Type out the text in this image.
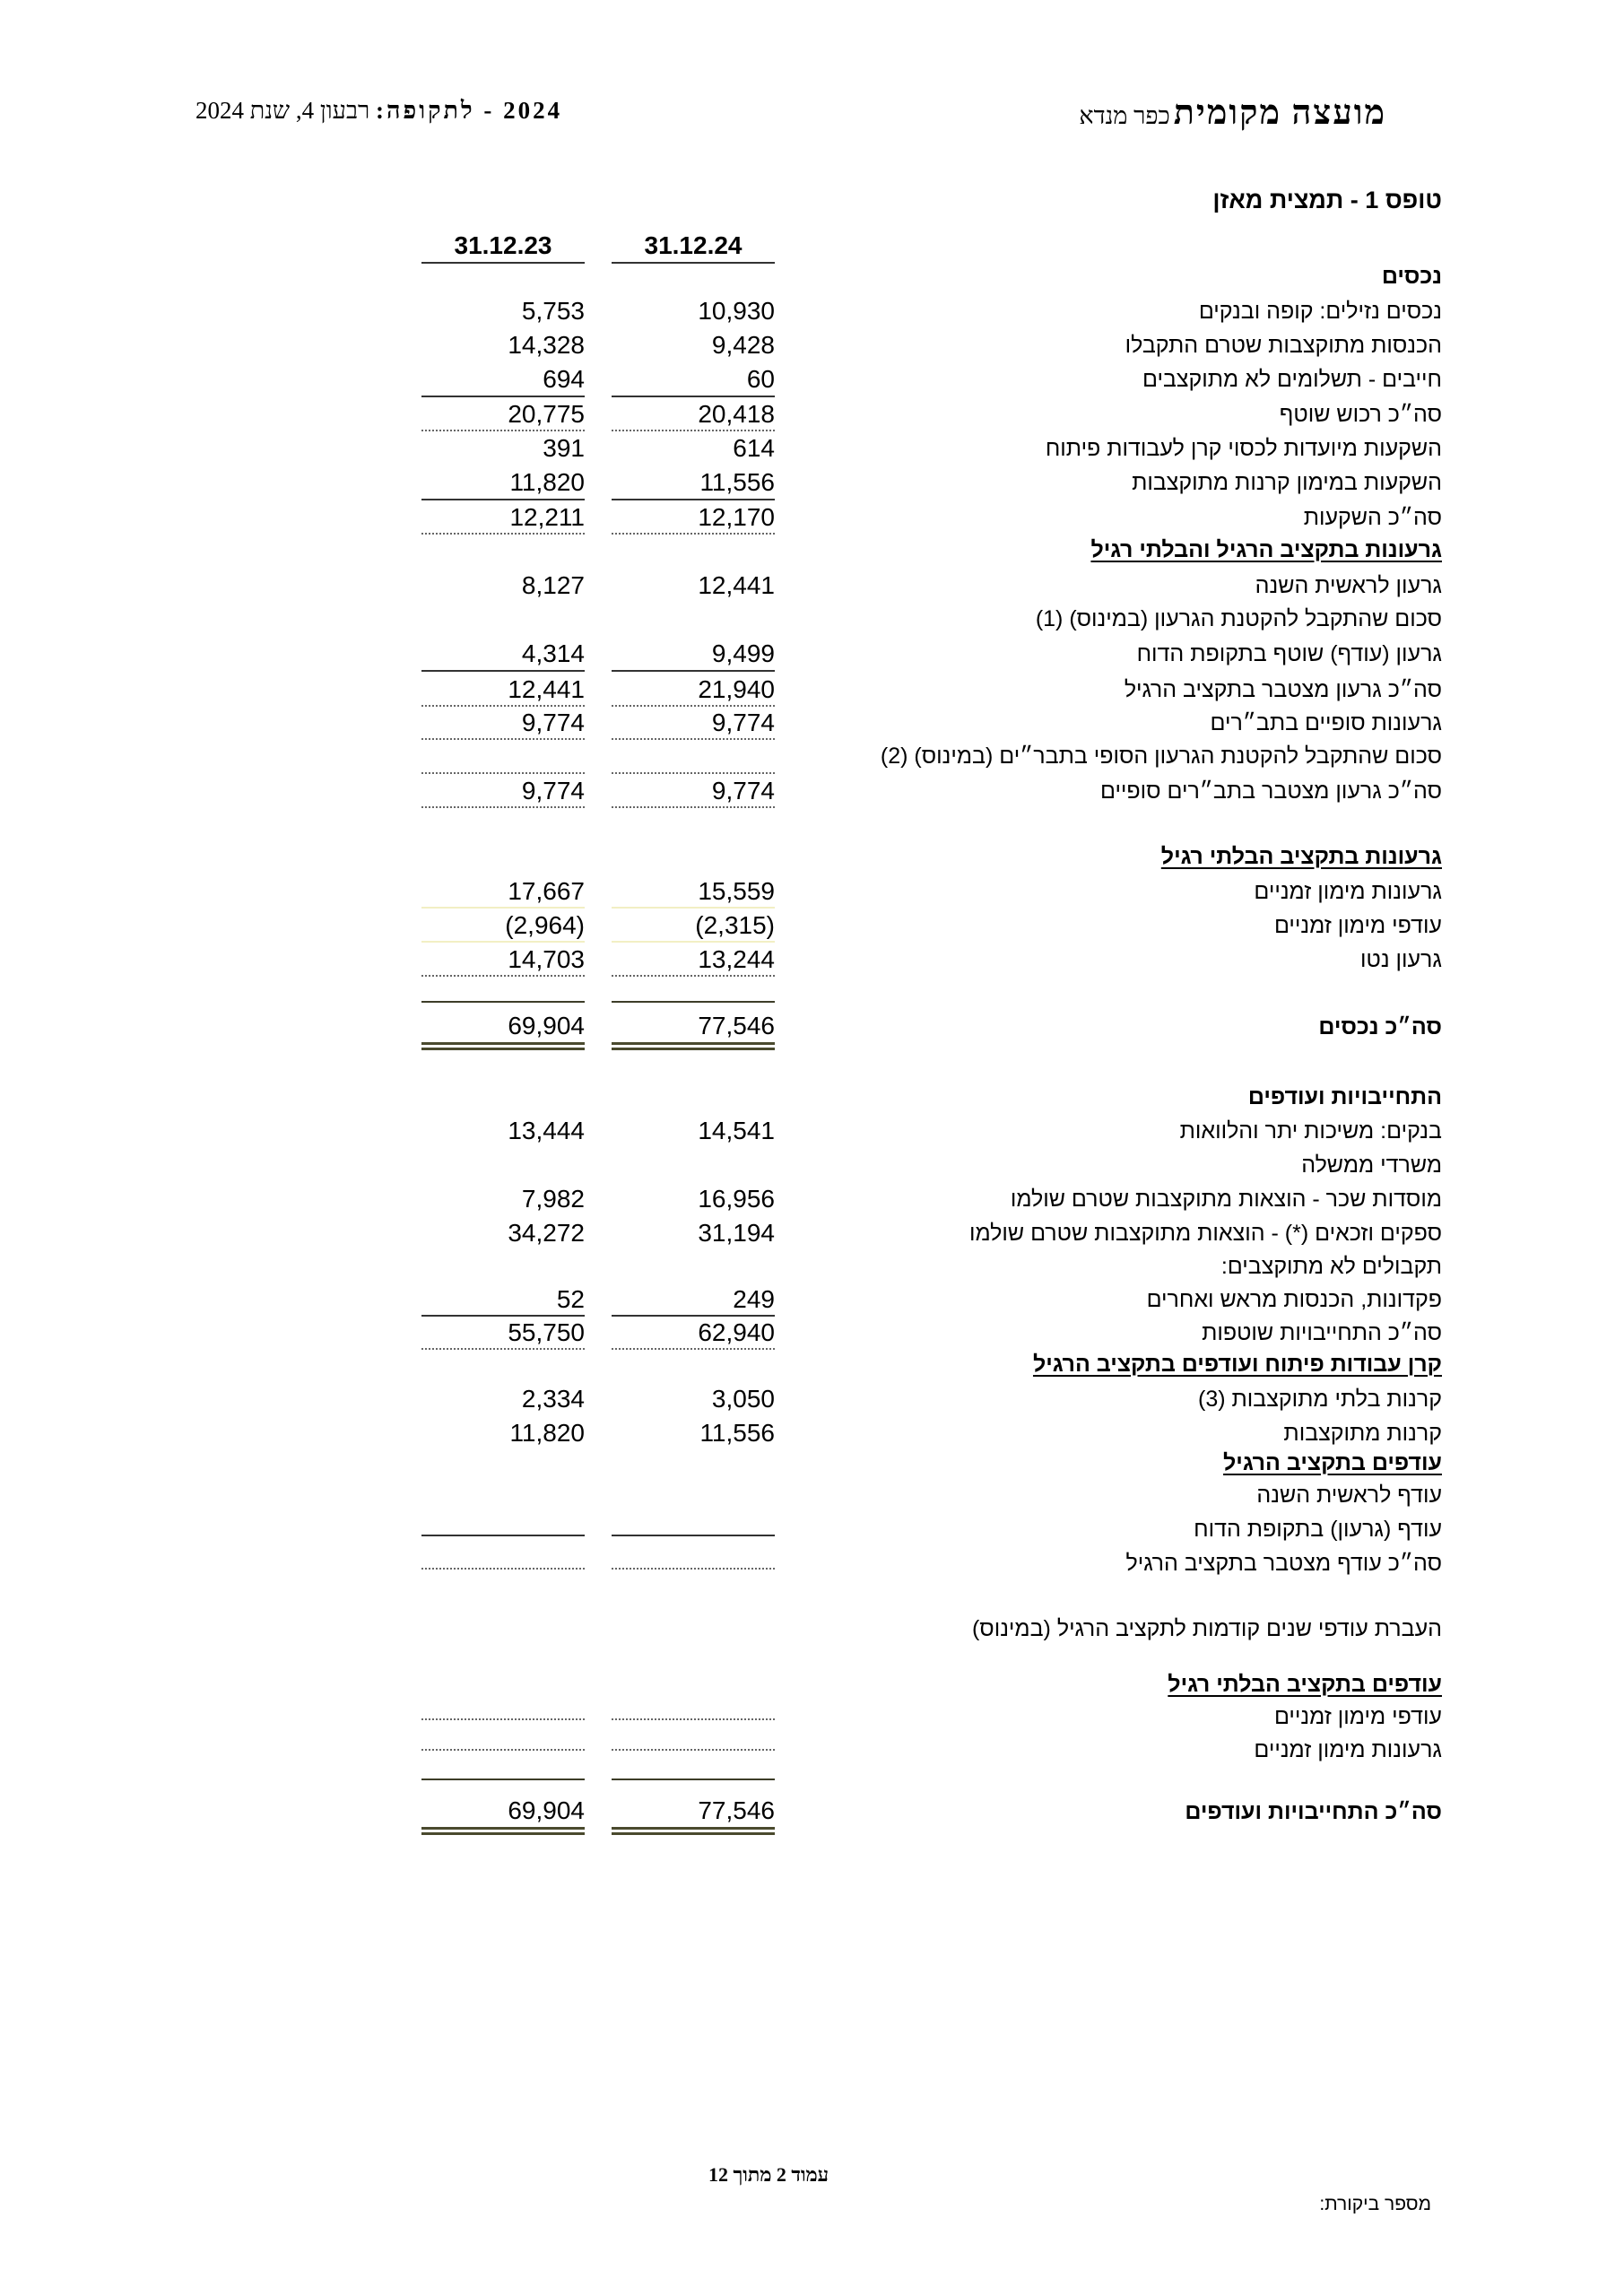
2024 - לתקופה: רבעון 4, שנת 2024	מועצה מקומית כפר מנדא
טופס 1 - תמצית מאזן
31.12.24
31.12.23
נכסים
נכסים נזילים: קופה ובנקים
10,930
5,753
הכנסות מתוקצבות שטרם התקבלו
9,428
14,328
חייבים - תשלומים לא מתוקצבים
60
694
סה״כ רכוש שוטף
20,418
20,775
השקעות מיועדות לכסוי קרן לעבודות פיתוח
614
391
השקעות במימון קרנות מתוקצבות
11,556
11,820
סה״כ השקעות
12,170
12,211
גרעונות בתקציב הרגיל והבלתי רגיל
גרעון לראשית השנה
12,441
8,127
סכום שהתקבל להקטנת הגרעון (במינוס) (1)
גרעון (עודף) שוטף בתקופת הדוח
9,499
4,314
סה״כ גרעון מצטבר בתקציב הרגיל
21,940
12,441
גרעונות סופיים בתב״רים
9,774
9,774
סכום שהתקבל להקטנת הגרעון הסופי בתבר״ים (במינוס) (2)
סה״כ גרעון מצטבר בתב״רים סופיים
9,774
9,774
גרעונות בתקציב הבלתי רגיל
גרעונות מימון זמניים
15,559
17,667
עודפי מימון זמניים
(2,315)
(2,964)
גרעון נטו
13,244
14,703
סה״כ נכסים
77,546
69,904
התחייבויות ועודפים
בנקים: משיכות יתר והלוואות
14,541
13,444
משרדי ממשלה
מוסדות שכר - הוצאות מתוקצבות שטרם שולמו
16,956
7,982
ספקים וזכאים (*) - הוצאות מתוקצבות שטרם שולמו
31,194
34,272
תקבולים לא מתוקצבים:
פקדונות, הכנסות מראש ואחרים
249
52
סה״כ התחייבויות שוטפות
62,940
55,750
קרן עבודות פיתוח ועודפים בתקציב הרגיל
קרנות בלתי מתוקצבות (3)
3,050
2,334
קרנות מתוקצבות
11,556
11,820
עודפים בתקציב הרגיל
עודף לראשית השנה
עודף (גרעון) בתקופת הדוח
סה״כ עודף מצטבר בתקציב הרגיל
העברת עודפי שנים קודמות לתקציב הרגיל (במינוס)
עודפים בתקציב הבלתי רגיל
עודפי מימון זמניים
גרעונות מימון זמניים
סה״כ התחייבויות ועודפים
77,546
69,904
עמוד 2 מתוך 12
מספר ביקורת:
